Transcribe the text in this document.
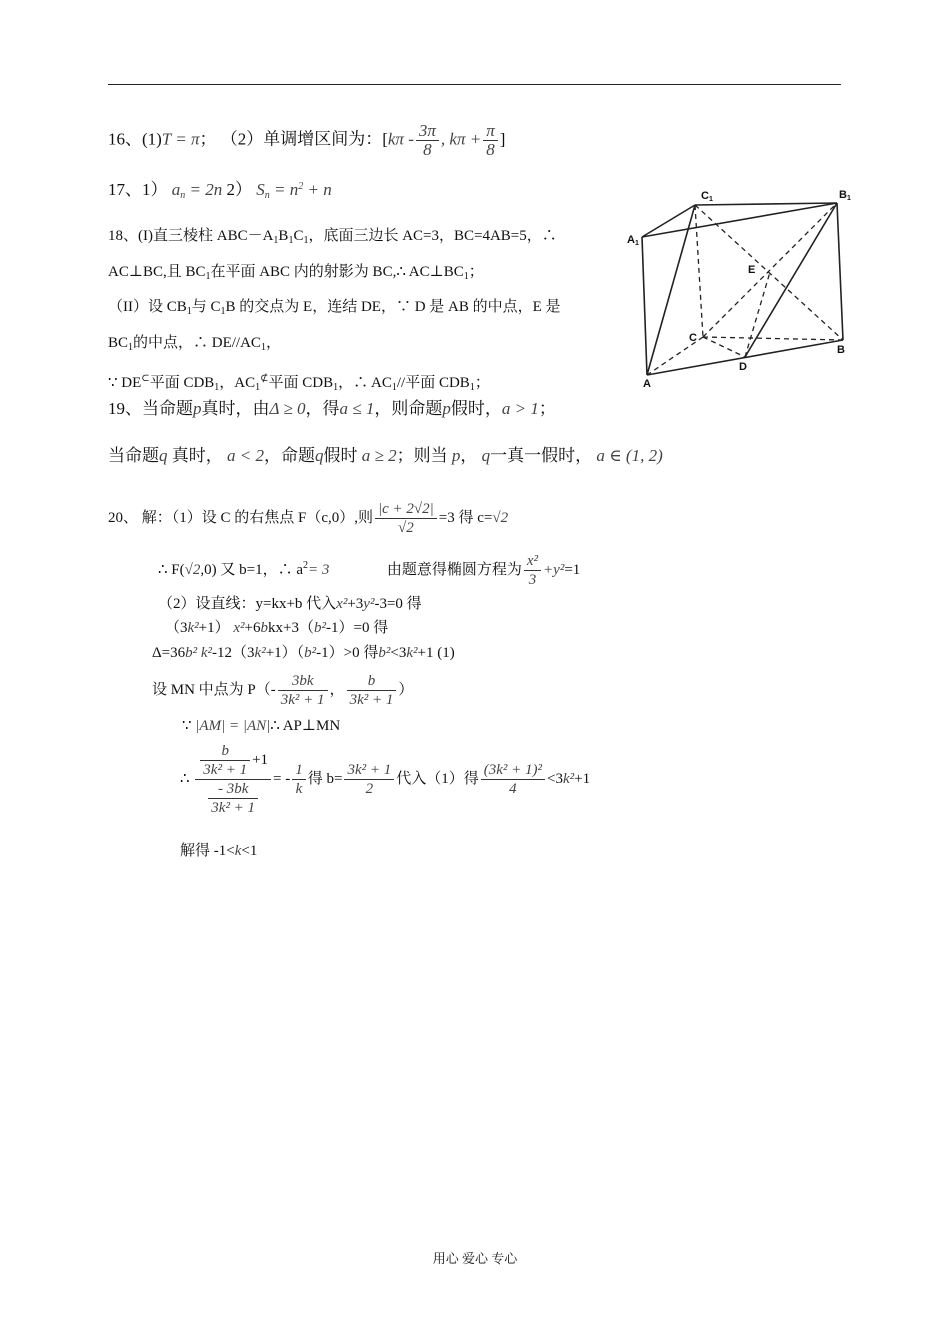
16、(1)T = π； （2）单调增区间为：[$k\pi - \frac{3\pi}{8}$ , $k\pi + \frac{\pi}{8}$ ]
17、1） $a_n = 2n$ 2） $S_n = n^2 + n$
18、(I)直三棱柱 $ABC-A_1B_1C_1$，底面三边长 AC=3，BC=4AB=5，∴
AC⊥BC,且 $BC_1$在平面 ABC 内的射影为 BC,∴ $AC\perp BC_1$；
（II）设 $CB_1$与 $C_1B$ 的交点为 E，连结 DE，∵ D 是 AB 的中点，E 是
$BC_1$的中点，∴ $DE//AC_1$，
∵ DE⊂平面 $CDB_1$，$AC_1^⊄$平面 $CDB_1$，∴ $AC_1//$平面 $CDB_1$；
19、当命题p真时，由Δ ≥ 0，得a ≤ 1，则命题p假时，a > 1；
当命题q 真时， a < 2，命题q假时 a ≥ 2；则当 p， q一真一假时， a ∈ (1, 2)
20、 解：（1）设 C 的右焦点 F（c,0）,则 $\frac{|c + 2√2|}{√2} =3$ 得 c=√2
∴ F(√2,0) 又 b=1，∴ $a^2= 3$	由题意得椭圆方程为 $\frac{\text{x²}}{3} +y^2=1$
（2）设直线：y=kx+b 代入x²+3y²-3=0 得
（3k²+1） x²+6bkx+3（b²-1）=0 得
Δ=36b² k²-12（3k²+1）（b²-1）>0 得b²<3k²+1 (1)
设 MN 中点为 $P(- \frac{3bk}{\text{3k² + 1}}$ ， $\frac{b}{\text{3k² + 1}}$ ）
∵ |AM| = |AN|∴ AP⊥MN
∴ $\frac{\frac{b}{\text{3k² + 1}} +1}{\frac{- 3bk}{\text{3k² + 1}}}$ = - $\frac{1}{k}$ 得 $b= \frac{\text{3k² + 1}}{2}$ 代入（1）得 $\frac{\text{(3k² + 1)²}}{4} <3k^2+1$
解得 -1<k<1
C1	B1
A1
E
C
B
D
A
用心 爱心 专心
